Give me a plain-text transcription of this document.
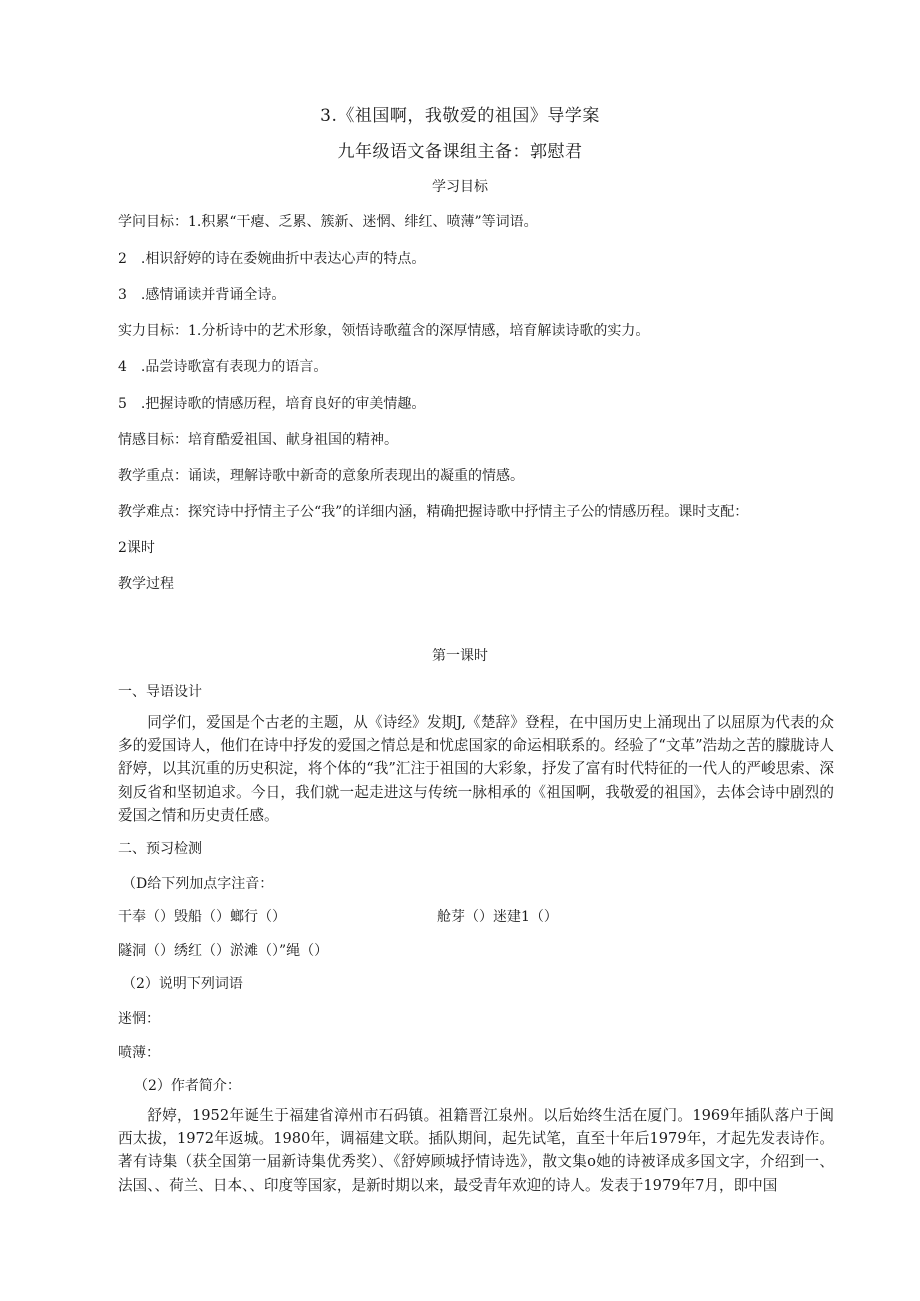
3.《祖国啊，我敬爱的祖国》导学案
九年级语文备课组主备：郭慰君
学习目标
学问目标：1.积累“干瘪、乏累、簇新、迷惘、绯红、喷薄”等词语。
2　.相识舒婷的诗在委婉曲折中表达心声的特点。
3　.感情诵读并背诵全诗。
实力目标：1.分析诗中的艺术形象，领悟诗歌蕴含的深厚情感，培育解读诗歌的实力。
4　.品尝诗歌富有表现力的语言。
5　.把握诗歌的情感历程，培育良好的审美情趣。
情感目标：培育酷爱祖国、献身祖国的精神。
教学重点：诵读，理解诗歌中新奇的意象所表现出的凝重的情感。
教学难点：探究诗中抒情主子公“我”的详细内涵，精确把握诗歌中抒情主子公的情感历程。课时支配：
2课时
教学过程
第一课时
一、导语设计
同学们，爱国是个古老的主题，从《诗经》发期J,《楚辞》登程，在中国历史上涌现出了以屈原为代表的众多的爱国诗人，他们在诗中抒发的爱国之情总是和忧虑国家的命运相联系的。经验了“文革”浩劫之苦的朦胧诗人舒婷，以其沉重的历史积淀，将个体的“我”汇注于祖国的大彩象，抒发了富有时代特征的一代人的严峻思索、深刻反省和坚韧追求。今日，我们就一起走进这与传统一脉相承的《祖国啊，我敬爱的祖国》，去体会诗中剧烈的爱国之情和历史责任感。
二、预习检测
（D给下列加点字注音：
干奉（）毁船（）螂行（）	舱芽（）迷建1（）
隧洞（）绣红（）淤滩（）”绳（）
（2）说明下列词语
迷惘：
喷薄：
（2）作者简介：
舒婷，1952年诞生于福建省漳州市石码镇。祖籍晋江泉州。以后始终生活在厦门。1969年插队落户于闽西太拔，1972年返城。1980年，调福建文联。插队期间，起先试笔，直至十年后1979年，才起先发表诗作。著有诗集（获全国第一届新诗集优秀奖）、《舒婷顾城抒情诗选》，散文集o她的诗被译成多国文字，介绍到一、法国、、荷兰、日本、、印度等国家，是新时期以来，最受青年欢迎的诗人。发表于1979年7月，即中国
